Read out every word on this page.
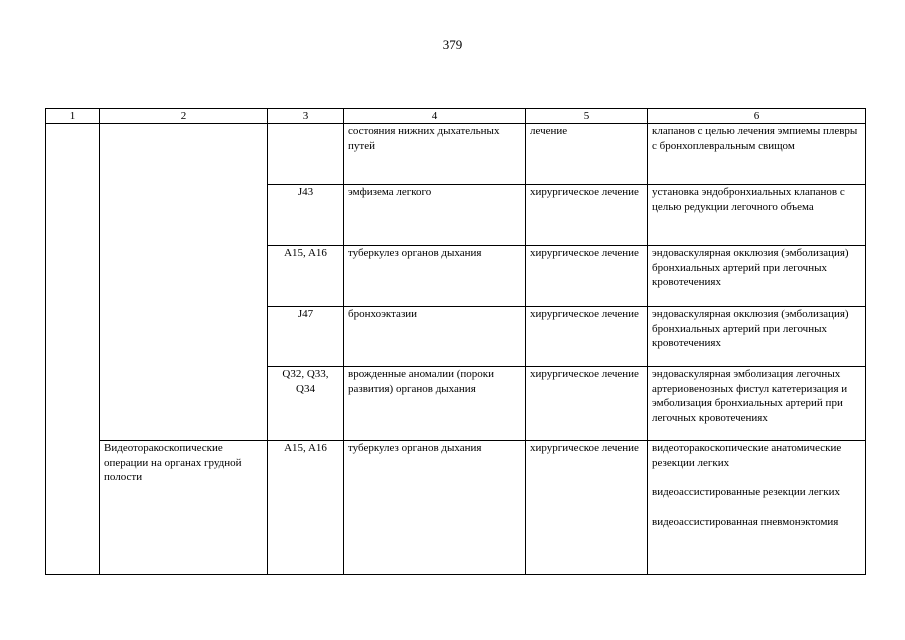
379
1	2	3	4	5	6
			состояния нижних дыхательных путей	лечение	клапанов с целью лечения эмпиемы плевры с бронхоплевральным свищом

		J43	эмфизема легкого	хирургическое лечение	установка эндобронхиальных клапанов с целью редукции легочного объема

		A15, A16	туберкулез органов дыхания	хирургическое лечение	эндоваскулярная окклюзия (эмболизация) бронхиальных артерий при легочных кровотечениях

		J47	бронхоэктазии	хирургическое лечение	эндоваскулярная окклюзия (эмболизация) бронхиальных артерий при легочных кровотечениях

		Q32, Q33, Q34	врожденные аномалии (пороки развития) органов дыхания	хирургическое лечение	эндоваскулярная эмболизация легочных артериовенозных фистул катетеризация и эмболизация бронхиальных артерий при легочных кровотечениях

	Видеоторакоскопические операции на органах грудной полости	A15, A16	туберкулез органов дыхания	хирургическое лечение	видеоторакоскопические анатомические резекции легких
видеоассистированные резекции легких
видеоассистированная пневмонэктомия
